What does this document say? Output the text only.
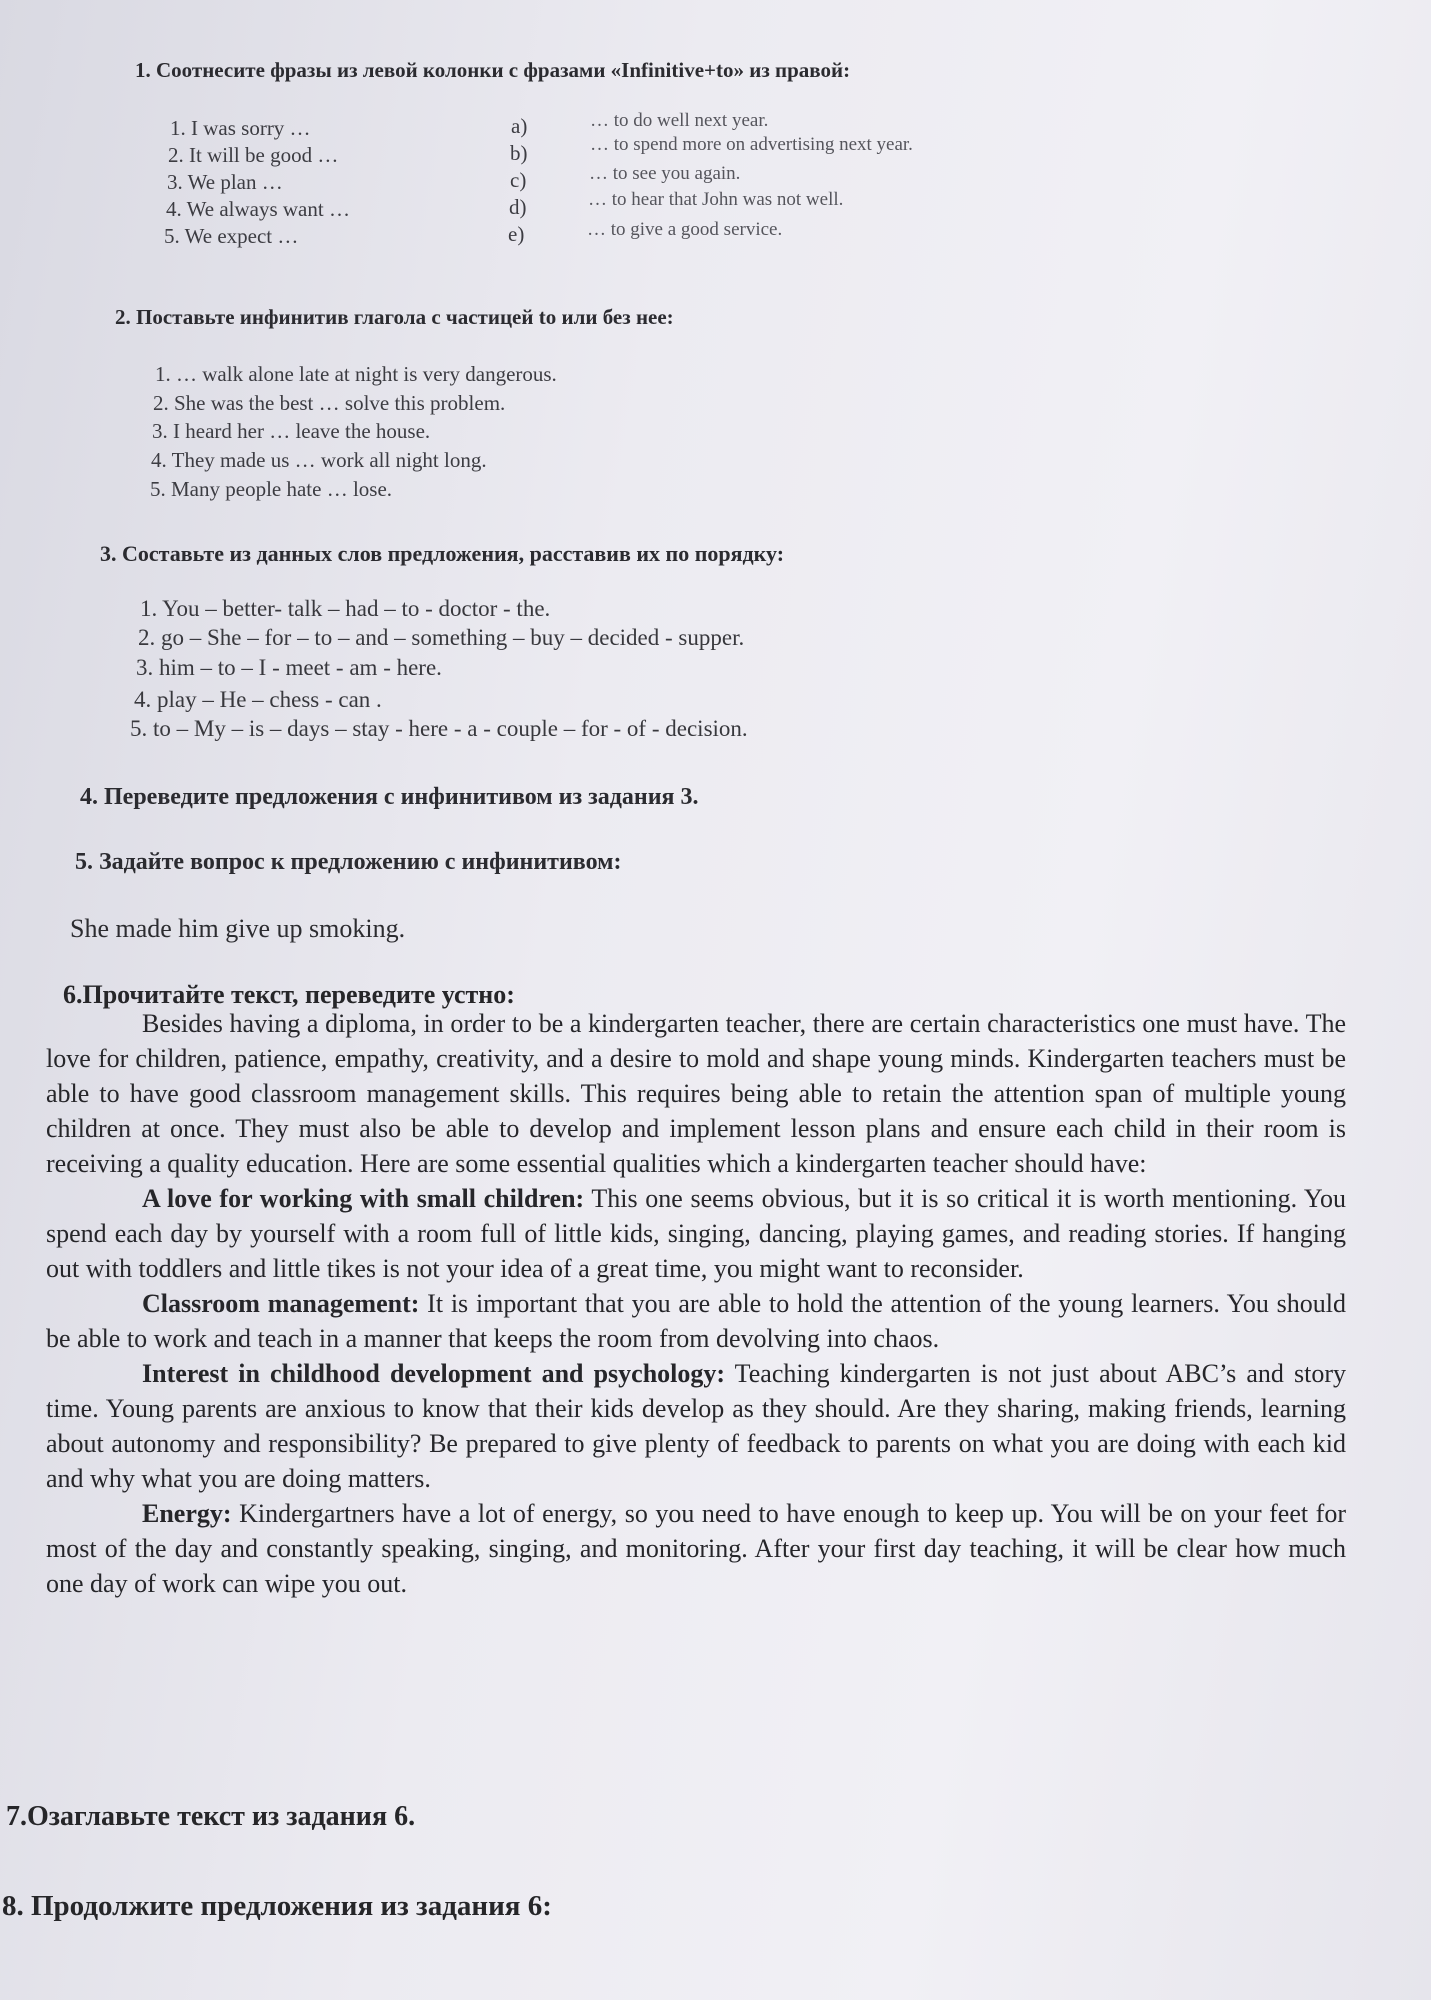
1. Соотнесите фразы из левой колонки с фразами «Infinitive+to» из правой:
1. I was sorry …
2. It will be good …
3. We plan …
4. We always want …
5. We expect …
a)
b)
c)
d)
e)
… to do well next year.
… to spend more on advertising next year.
… to see you again.
… to hear that John was not well.
… to give a good service.
2. Поставьте инфинитив глагола с частицей to или без нее:
1. … walk alone late at night is very dangerous.
2. She was the best … solve this problem.
3. I heard her … leave the house.
4. They made us … work all night long.
5. Many people hate … lose.
3. Составьте из данных слов предложения, расставив их по порядку:
1. You – better- talk – had – to - doctor - the.
2. go – She – for – to – and – something – buy – decided - supper.
3. him – to – I - meet - am - here.
4. play – He – chess - can .
5. to – My – is – days – stay - here - a - couple – for - of - decision.
4. Переведите предложения с инфинитивом из задания 3.
5. Задайте вопрос к предложению с инфинитивом:
She made him give up smoking.
6.Прочитайте текст, переведите устно:
Besides having a diploma, in order to be a kindergarten teacher, there are certain characteristics one must have. The love for children, patience, empathy, creativity, and a desire to mold and shape young minds. Kindergarten teachers must be able to have good classroom management skills. This requires being able to retain the attention span of multiple young children at once. They must also be able to develop and implement lesson plans and ensure each child in their room is receiving a quality education. Here are some essential qualities which a kindergarten teacher should have:
A love for working with small children: This one seems obvious, but it is so critical it is worth mentioning. You spend each day by yourself with a room full of little kids, singing, dancing, playing games, and reading stories. If hanging out with toddlers and little tikes is not your idea of a great time, you might want to reconsider.
Classroom management: It is important that you are able to hold the attention of the young learners. You should be able to work and teach in a manner that keeps the room from devolving into chaos.
Interest in childhood development and psychology: Teaching kindergarten is not just about ABC’s and story time. Young parents are anxious to know that their kids develop as they should. Are they sharing, making friends, learning about autonomy and responsibility? Be prepared to give plenty of feedback to parents on what you are doing with each kid and why what you are doing matters.
Energy: Kindergartners have a lot of energy, so you need to have enough to keep up. You will be on your feet for most of the day and constantly speaking, singing, and monitoring. After your first day teaching, it will be clear how much one day of work can wipe you out.
7.Озаглавьте текст из задания 6.
8. Продолжите предложения из задания 6:
